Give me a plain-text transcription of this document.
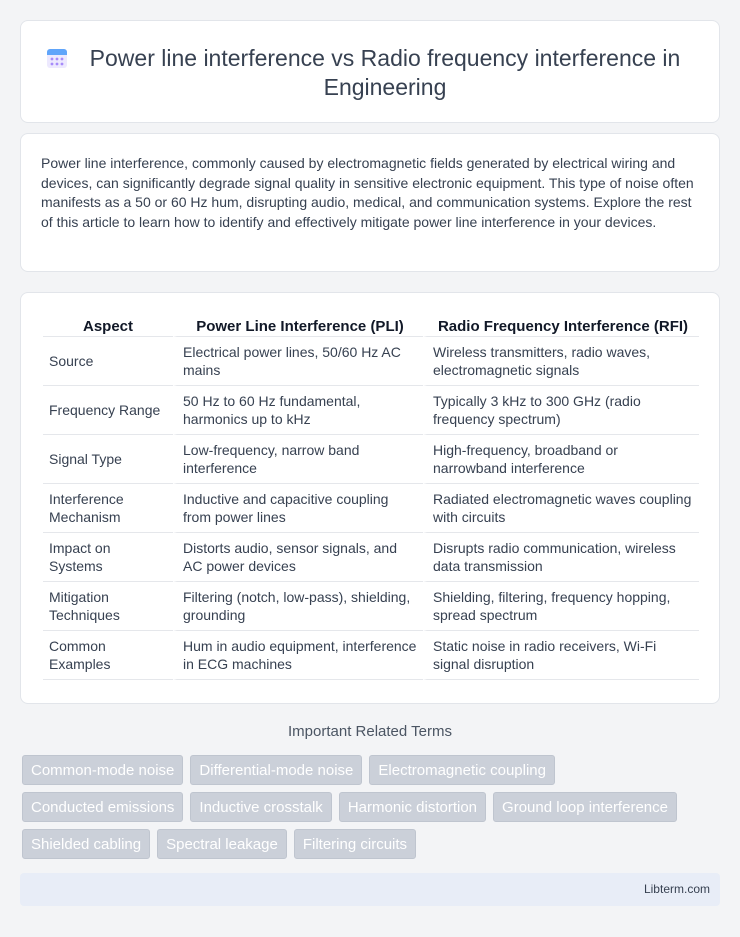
Power line interference vs Radio frequency interference in Engineering

Power line interference, commonly caused by electromagnetic fields generated by electrical wiring and devices, can significantly degrade signal quality in sensitive electronic equipment. This type of noise often manifests as a 50 or 60 Hz hum, disrupting audio, medical, and communication systems. Explore the rest of this article to learn how to identify and effectively mitigate power line interference in your devices.

Aspect	Power Line Interference (PLI)	Radio Frequency Interference (RFI)
Source	Electrical power lines, 50/60 Hz AC mains	Wireless transmitters, radio waves, electromagnetic signals
Frequency Range	50 Hz to 60 Hz fundamental, harmonics up to kHz	Typically 3 kHz to 300 GHz (radio frequency spectrum)
Signal Type	Low-frequency, narrow band interference	High-frequency, broadband or narrowband interference
Interference Mechanism	Inductive and capacitive coupling from power lines	Radiated electromagnetic waves coupling with circuits
Impact on Systems	Distorts audio, sensor signals, and AC power devices	Disrupts radio communication, wireless data transmission
Mitigation Techniques	Filtering (notch, low-pass), shielding, grounding	Shielding, filtering, frequency hopping, spread spectrum
Common Examples	Hum in audio equipment, interference in ECG machines	Static noise in radio receivers, Wi-Fi signal disruption
Important Related Terms
Common-mode noise	Differential-mode noise	Electromagnetic coupling
Conducted emissions	Inductive crosstalk	Harmonic distortion	Ground loop interference
Shielded cabling	Spectral leakage	Filtering circuits
Libterm.com
